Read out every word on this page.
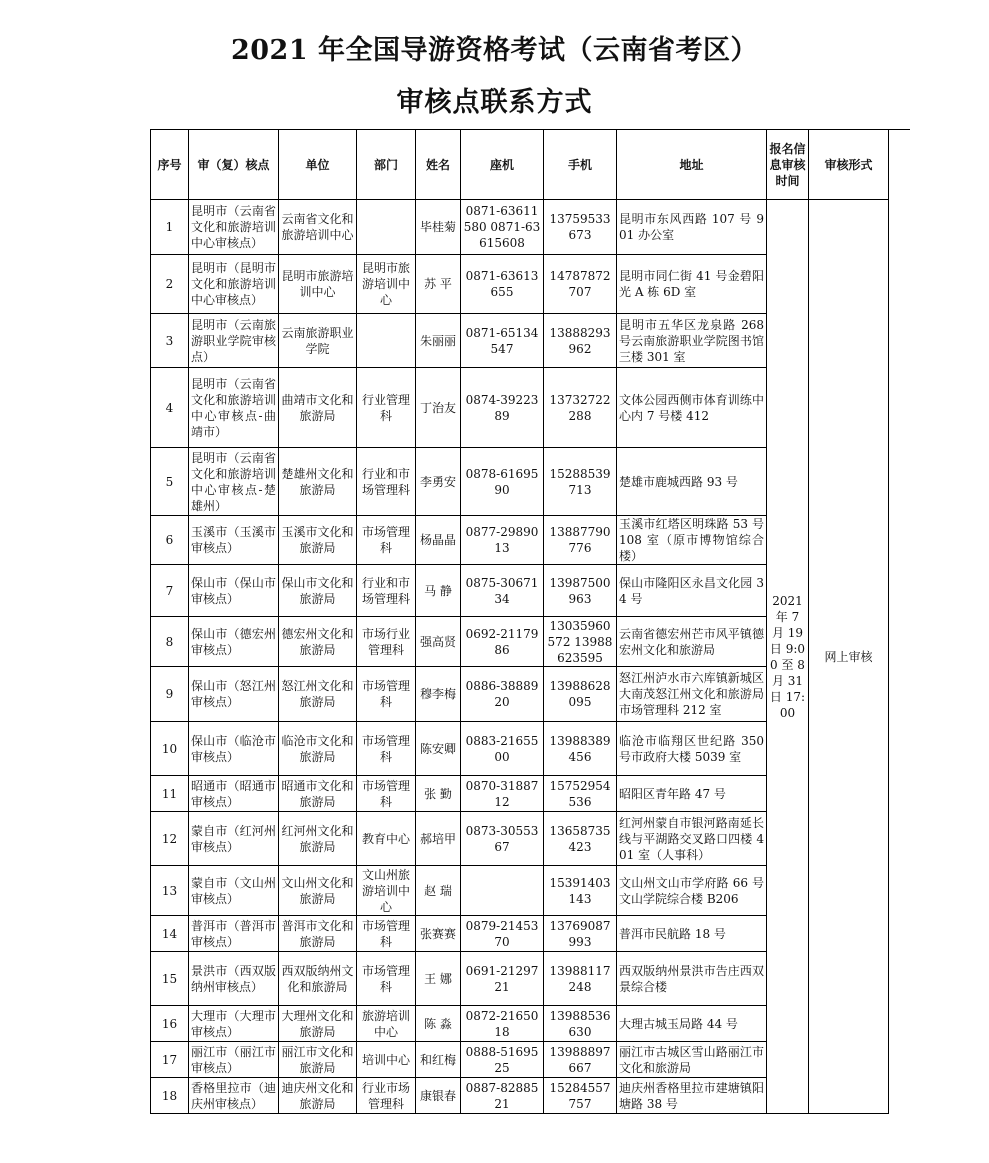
2021 年全国导游资格考试（云南省考区）
审核点联系方式
序号	审（复）核点	单位	部门	姓名	座机	手机	地址	报名信息审核时间	审核形式
1	昆明市（云南省文化和旅游培训中心审核点）	云南省文化和旅游培训中心		毕桂菊	0871-63611580 0871-63615608	13759533673	昆明市东风西路 107 号 901 办公室	2021 年 7 月 19 日 9:00 至 8 月 31 日 17:00	网上审核
2	昆明市（昆明市文化和旅游培训中心审核点）	昆明市旅游培训中心	昆明市旅游培训中心	苏 平	0871-63613655	14787872707	昆明市同仁街 41 号金碧阳光 A 栋 6D 室		
3	昆明市（云南旅游职业学院审核点）	云南旅游职业学院		朱丽丽	0871-65134547	13888293962	昆明市五华区龙泉路 268 号云南旅游职业学院图书馆三楼 301 室		
4	昆明市（云南省文化和旅游培训中心审核点-曲靖市）	曲靖市文化和旅游局	行业管理科	丁治友	0874-3922389	13732722288	文体公园西侧市体育训练中心内 7 号楼 412		
5	昆明市（云南省文化和旅游培训中心审核点-楚雄州）	楚雄州文化和旅游局	行业和市场管理科	李勇安	0878-6169590	15288539713	楚雄市鹿城西路 93 号		
6	玉溪市（玉溪市审核点）	玉溪市文化和旅游局	市场管理科	杨晶晶	0877-2989013	13887790776	玉溪市红塔区明珠路 53 号 108 室（原市博物馆综合楼）		
7	保山市（保山市审核点）	保山市文化和旅游局	行业和市场管理科	马 静	0875-3067134	13987500963	保山市隆阳区永昌文化园 34 号		
8	保山市（德宏州审核点）	德宏州文化和旅游局	市场行业管理科	强高贤	0692-2117986	13035960572 13988623595	云南省德宏州芒市风平镇德宏州文化和旅游局		
9	保山市（怒江州审核点）	怒江州文化和旅游局	市场管理科	穆李梅	0886-3888920	13988628095	怒江州泸水市六库镇新城区大南茂怒江州文化和旅游局市场管理科 212 室		
10	保山市（临沧市审核点）	临沧市文化和旅游局	市场管理科	陈安卿	0883-2165500	13988389456	临沧市临翔区世纪路 350 号市政府大楼 5039 室		
11	昭通市（昭通市审核点）	昭通市文化和旅游局	市场管理科	张 勤	0870-3188712	15752954536	昭阳区青年路 47 号		
12	蒙自市（红河州审核点）	红河州文化和旅游局	教育中心	郝培甲	0873-3055367	13658735423	红河州蒙自市银河路南延长线与平湖路交叉路口四楼 401 室（人事科）		
13	蒙自市（文山州审核点）	文山州文化和旅游局	文山州旅游培训中心	赵 瑞		15391403143	文山州文山市学府路 66 号文山学院综合楼 B206		
14	普洱市（普洱市审核点）	普洱市文化和旅游局	市场管理科	张赛赛	0879-2145370	13769087993	普洱市民航路 18 号		
15	景洪市（西双版纳州审核点）	西双版纳州文化和旅游局	市场管理科	王 娜	0691-2129721	13988117248	西双版纳州景洪市告庄西双景综合楼		
16	大理市（大理市审核点）	大理州文化和旅游局	旅游培训中心	陈 淼	0872-2165018	13988536630	大理古城玉局路 44 号		
17	丽江市（丽江市审核点）	丽江市文化和旅游局	培训中心	和红梅	0888-5169525	13988897667	丽江市古城区雪山路丽江市文化和旅游局		
18	香格里拉市（迪庆州审核点）	迪庆州文化和旅游局	行业市场管理科	康银春	0887-8288521	15284557757	迪庆州香格里拉市建塘镇阳塘路 38 号		
